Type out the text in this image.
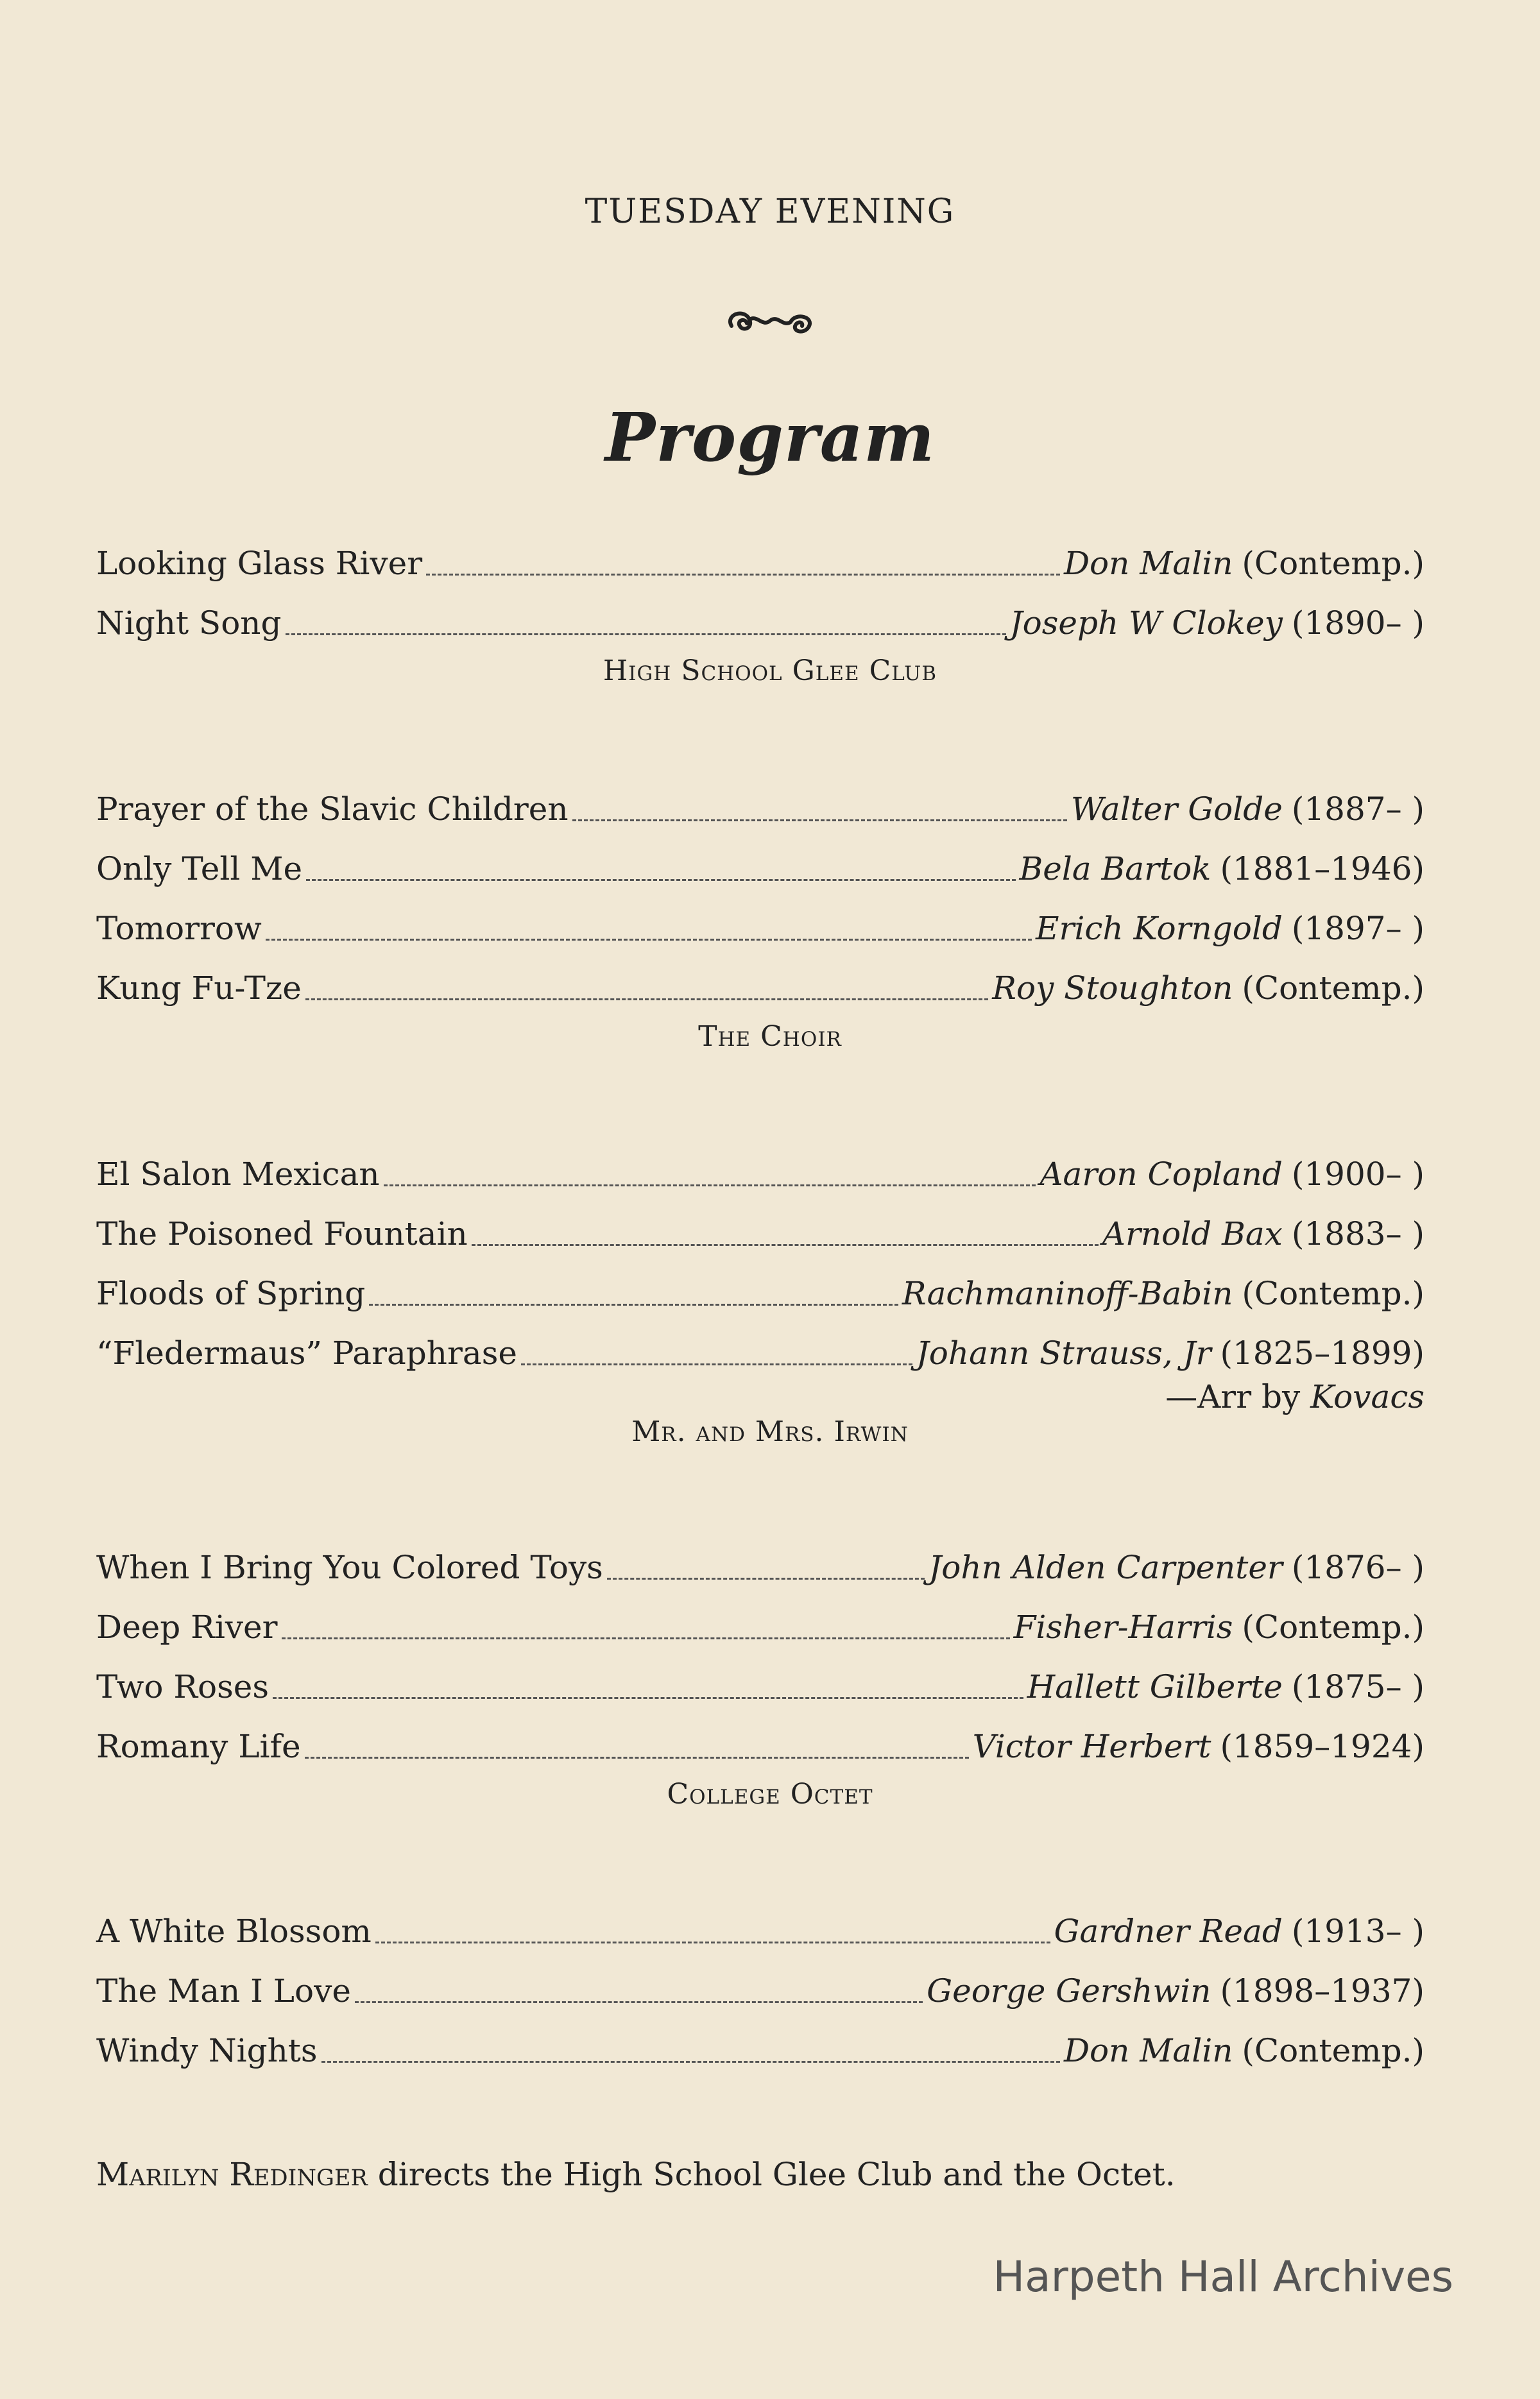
TUESDAY EVENING
Program
Looking Glass River	Don Malin (Contemp.)
Night Song	Joseph W Clokey (1890– )
High School Glee Club
Prayer of the Slavic Children	Walter Golde (1887– )
Only Tell Me	Bela Bartok (1881–1946)
Tomorrow	Erich Korngold (1897– )
Kung Fu-Tze	Roy Stoughton (Contemp.)
The Choir
El Salon Mexican	Aaron Copland (1900– )
The Poisoned Fountain	Arnold Bax (1883– )
Floods of Spring	Rachmaninoff-Babin (Contemp.)
“Fledermaus” Paraphrase	Johann Strauss, Jr (1825–1899)
—Arr by Kovacs
Mr. and Mrs. Irwin
When I Bring You Colored Toys	John Alden Carpenter (1876– )
Deep River	Fisher-Harris (Contemp.)
Two Roses	Hallett Gilberte (1875– )
Romany Life	Victor Herbert (1859–1924)
College Octet
A White Blossom	Gardner Read (1913– )
The Man I Love	George Gershwin (1898–1937)
Windy Nights	Don Malin (Contemp.)
Marilyn Redinger directs the High School Glee Club and the Octet.
Harpeth Hall Archives
